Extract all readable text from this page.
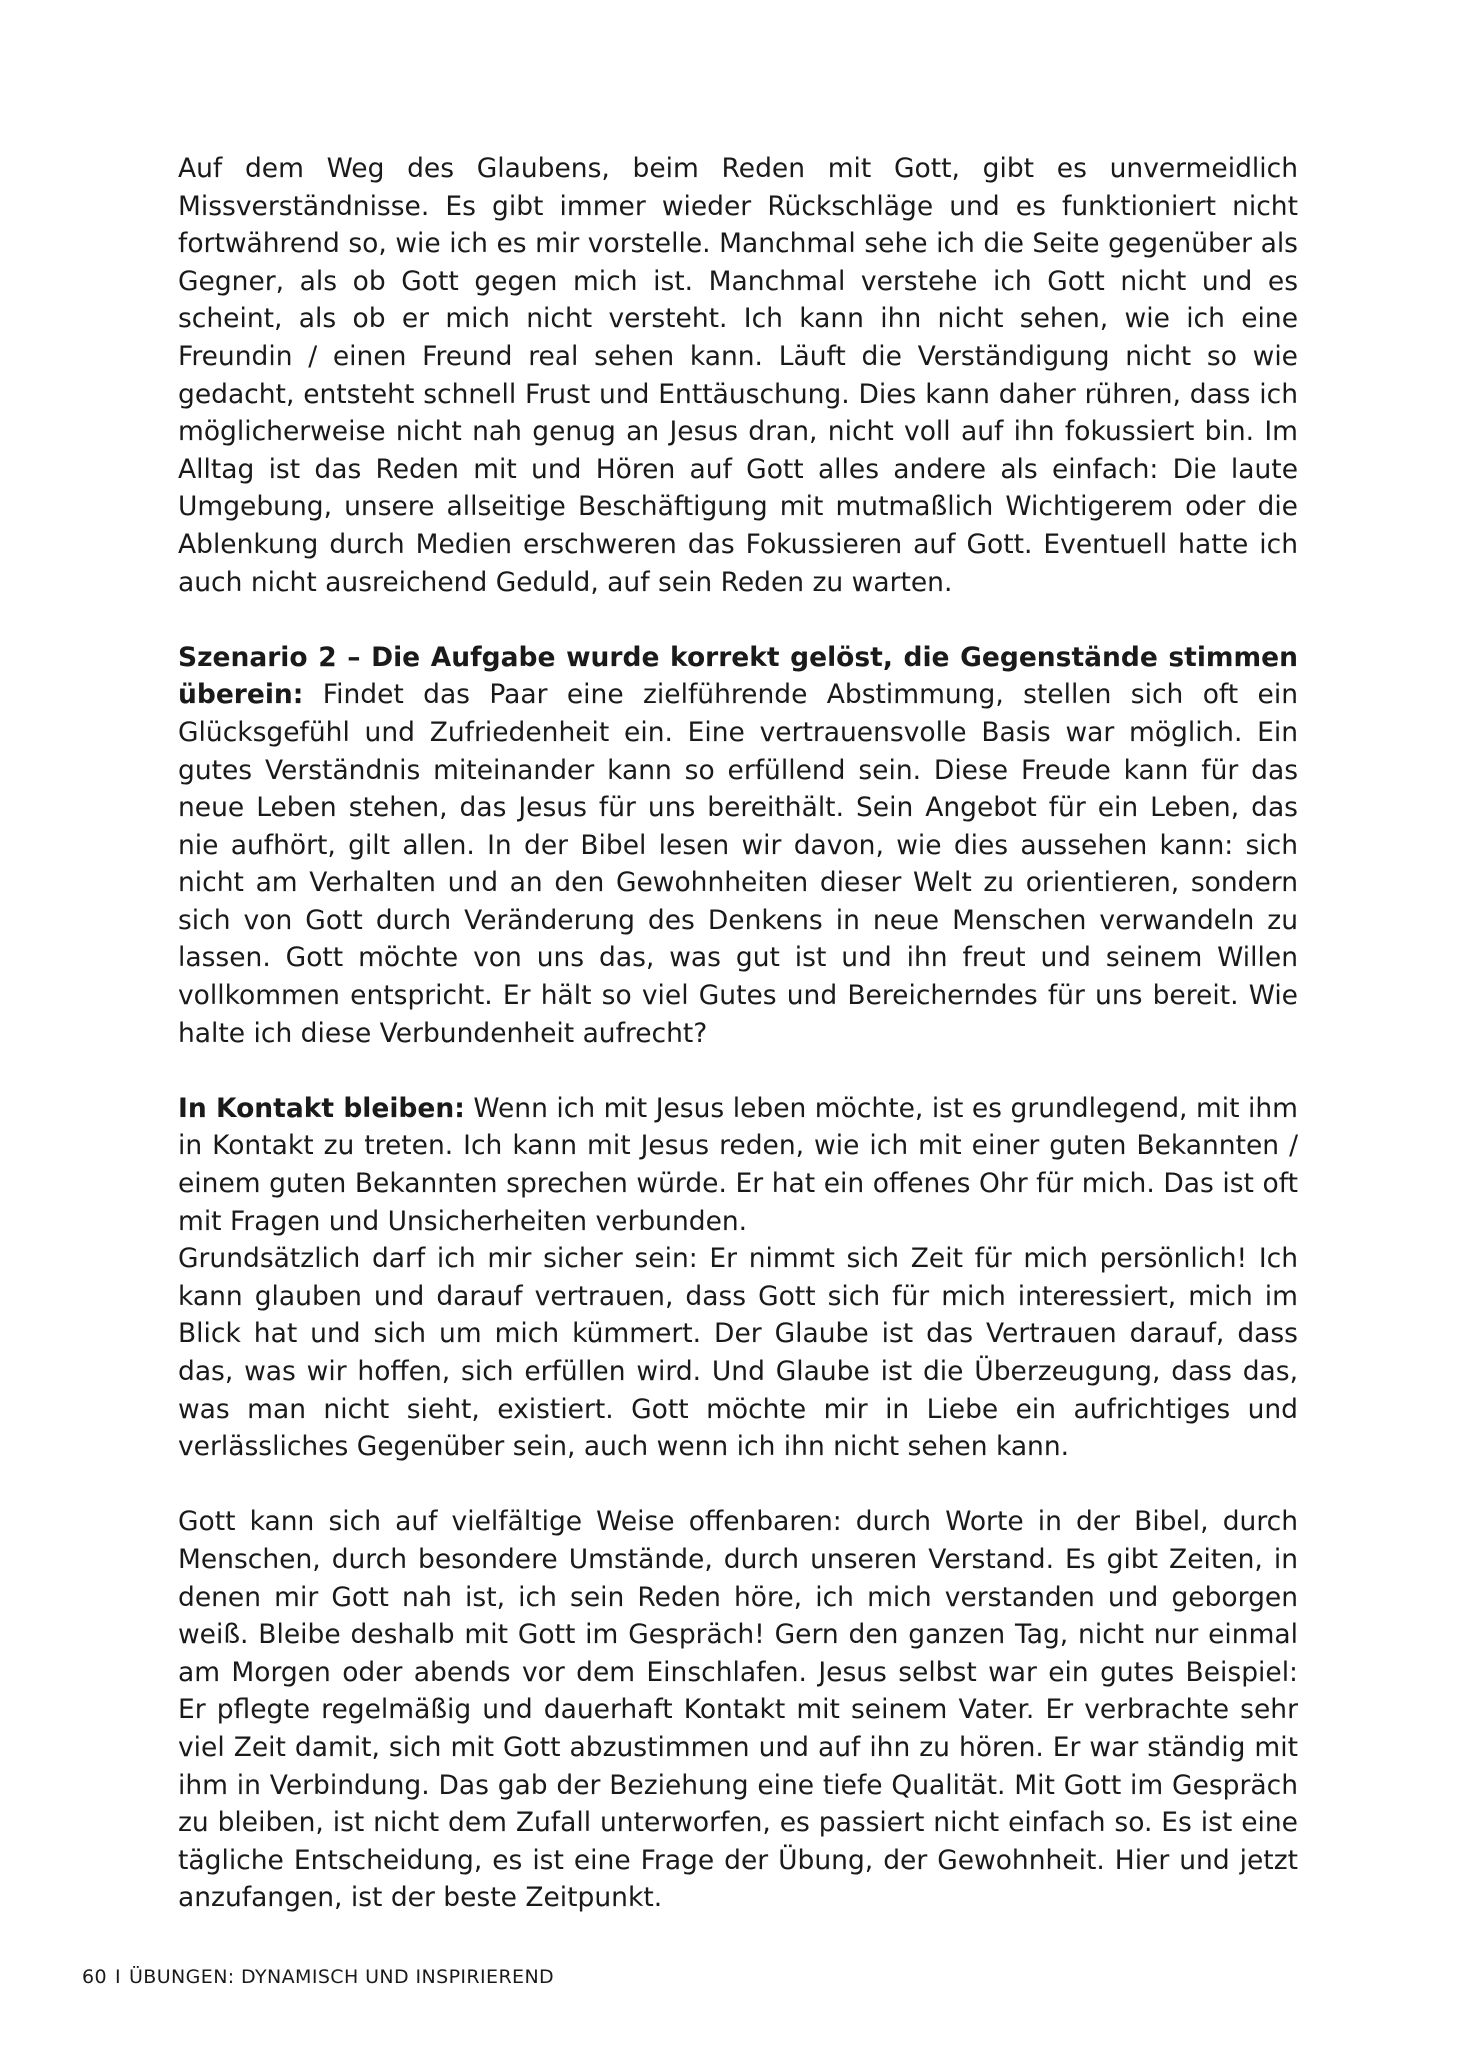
Auf dem Weg des Glaubens, beim Reden mit Gott, gibt es unvermeidlich Missverständnisse. Es gibt immer wieder Rückschläge und es funktioniert nicht fortwährend so, wie ich es mir vorstelle. Manchmal sehe ich die Seite gegenüber als Gegner, als ob Gott gegen mich ist. Manchmal verstehe ich Gott nicht und es scheint, als ob er mich nicht versteht. Ich kann ihn nicht sehen, wie ich eine Freundin / einen Freund real sehen kann. Läuft die Verständigung nicht so wie gedacht, entsteht schnell Frust und Enttäuschung. Dies kann daher rühren, dass ich möglicherweise nicht nah genug an Jesus dran, nicht voll auf ihn fokussiert bin. Im Alltag ist das Reden mit und Hören auf Gott alles andere als einfach: Die laute Umgebung, unsere allseitige Beschäftigung mit mutmaßlich Wichtigerem oder die Ablenkung durch Medien erschweren das Fokussieren auf Gott. Eventuell hatte ich auch nicht ausreichend Geduld, auf sein Reden zu warten.

Szenario 2 – Die Aufgabe wurde korrekt gelöst, die Gegenstände stimmen überein: Findet das Paar eine zielführende Abstimmung, stellen sich oft ein Glücksgefühl und Zufriedenheit ein. Eine vertrauensvolle Basis war möglich. Ein gutes Verständnis miteinander kann so erfüllend sein. Diese Freude kann für das neue Leben stehen, das Jesus für uns bereithält. Sein Angebot für ein Leben, das nie aufhört, gilt allen. In der Bibel lesen wir davon, wie dies aussehen kann: sich nicht am Verhalten und an den Gewohnheiten dieser Welt zu orientieren, sondern sich von Gott durch Veränderung des Denkens in neue Menschen verwandeln zu lassen. Gott möchte von uns das, was gut ist und ihn freut und seinem Willen vollkommen entspricht. Er hält so viel Gutes und Bereicherndes für uns bereit. Wie halte ich diese Verbundenheit aufrecht?

In Kontakt bleiben: Wenn ich mit Jesus leben möchte, ist es grundlegend, mit ihm in Kontakt zu treten. Ich kann mit Jesus reden, wie ich mit einer guten Bekannten / einem guten Bekannten sprechen würde. Er hat ein offenes Ohr für mich. Das ist oft mit Fragen und Unsicherheiten verbunden.

Grundsätzlich darf ich mir sicher sein: Er nimmt sich Zeit für mich persönlich! Ich kann glauben und darauf vertrauen, dass Gott sich für mich interessiert, mich im Blick hat und sich um mich kümmert. Der Glaube ist das Vertrauen darauf, dass das, was wir hoffen, sich erfüllen wird. Und Glaube ist die Überzeugung, dass das, was man nicht sieht, existiert. Gott möchte mir in Liebe ein aufrichtiges und verlässliches Gegenüber sein, auch wenn ich ihn nicht sehen kann.

Gott kann sich auf vielfältige Weise offenbaren: durch Worte in der Bibel, durch Menschen, durch besondere Umstände, durch unseren Verstand. Es gibt Zeiten, in denen mir Gott nah ist, ich sein Reden höre, ich mich verstanden und geborgen weiß. Bleibe deshalb mit Gott im Gespräch! Gern den ganzen Tag, nicht nur einmal am Morgen oder abends vor dem Einschlafen. Jesus selbst war ein gutes Beispiel: Er pflegte regelmäßig und dauerhaft Kontakt mit seinem Vater. Er verbrachte sehr viel Zeit damit, sich mit Gott abzustimmen und auf ihn zu hören. Er war ständig mit ihm in Verbindung. Das gab der Beziehung eine tiefe Qualität. Mit Gott im Gespräch zu bleiben, ist nicht dem Zufall unterworfen, es passiert nicht einfach so. Es ist eine tägliche Entscheidung, es ist eine Frage der Übung, der Gewohnheit. Hier und jetzt anzufangen, ist der beste Zeitpunkt.

60 I ÜBUNGEN: DYNAMISCH UND INSPIRIEREND
